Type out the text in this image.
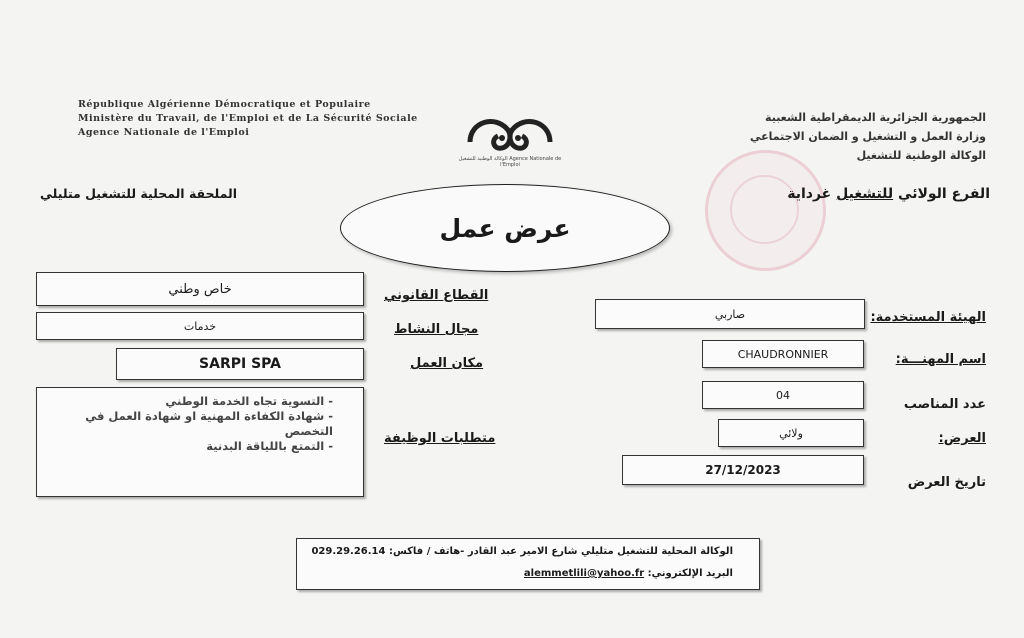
République Algérienne Démocratique et Populaire
Ministère du Travail, de l'Emploi et de La Sécurité Sociale
Agence Nationale de l'Emploi
الوكالة الوطنية للتشغيل Agence Nationale de l'Emploi
الجمهورية الجزائرية الديمقراطية الشعبية
وزارة العمل و التشغيل و الضمان الاجتماعي
الوكالة الوطنية للتشغيل
الفرع الولائي للتشغيل غرداية
الملحقة المحلية للتشغيل متليلي
عرض عمل
الهيئة المستخدمة:
صاربي
اسم المهنـــة:
CHAUDRONNIER
عدد المناصب
04
العرض:
ولائي
تاريخ العرض
27/12/2023
القطاع القانوني
مجال النشاط
مكان العمل
متطلبات الوظيفة
خاص وطني
خدمات
SARPI SPA
- التسوية تجاه الخدمة الوطني
- شهادة الكفاءة المهنية او شهادة العمل في التخصص
- التمتع باللياقة البدنية
الوكالة المحلية للتشغيل متليلي شارع الامير عبد القادر -هاتف / فاكس: 029.29.26.14
البريد الإلكتروني: alemmetlili@yahoo.fr
